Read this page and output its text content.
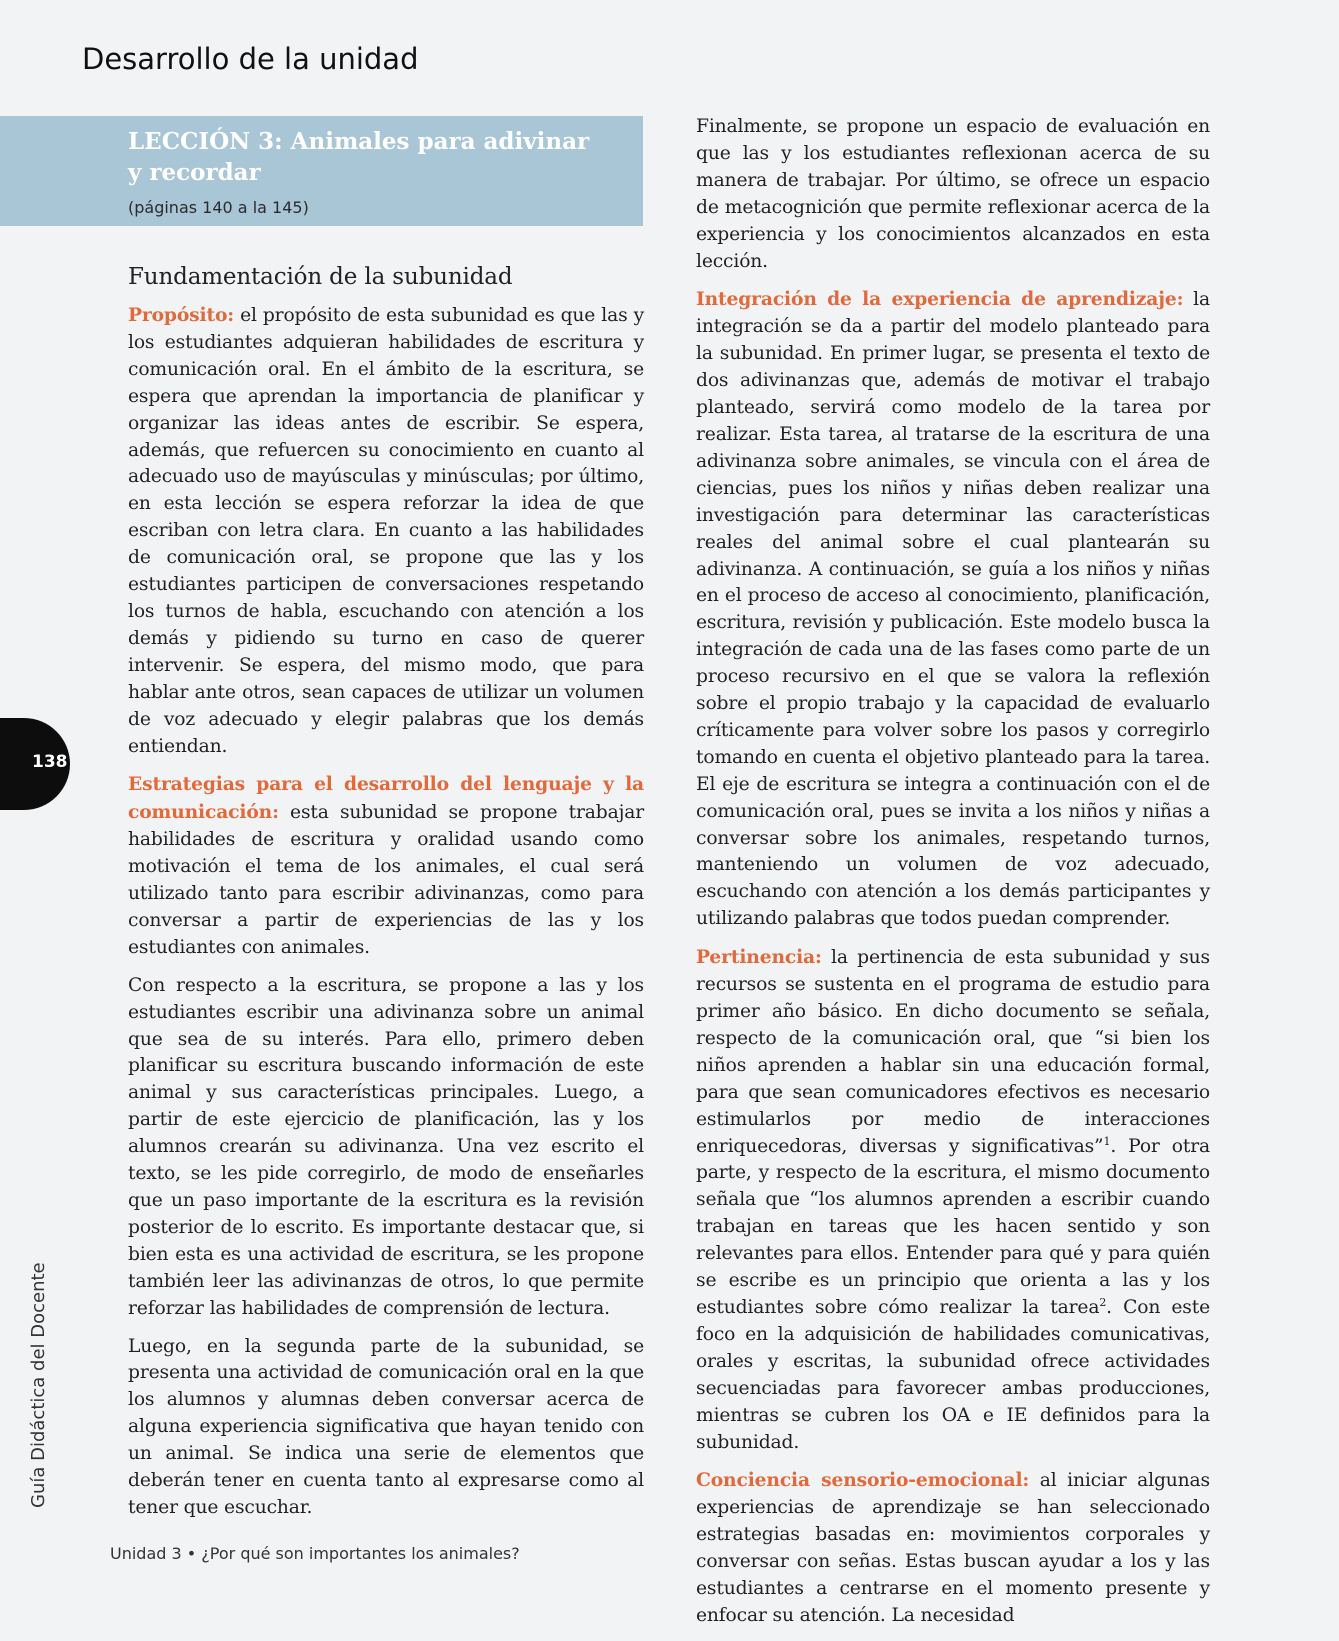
Desarrollo de la unidad
LECCIÓN 3: Animales para adivinar y recordar
(páginas 140 a la 145)
Fundamentación de la subunidad

Propósito: el propósito de esta subunidad es que las y los estudiantes adquieran habilidades de escritura y comunicación oral. En el ámbito de la escritura, se espera que aprendan la importancia de planificar y organizar las ideas antes de escribir. Se espera, además, que refuercen su conocimiento en cuanto al adecuado uso de mayúsculas y minúsculas; por último, en esta lección se espera reforzar la idea de que escriban con letra clara. En cuanto a las habilidades de comunicación oral, se propone que las y los estudiantes participen de conversaciones respetando los turnos de habla, escuchando con atención a los demás y pidiendo su turno en caso de querer intervenir. Se espera, del mismo modo, que para hablar ante otros, sean capaces de utilizar un volumen de voz adecuado y elegir palabras que los demás entiendan.

Estrategias para el desarrollo del lenguaje y la comunicación: esta subunidad se propone trabajar habilidades de escritura y oralidad usando como motivación el tema de los animales, el cual será utilizado tanto para escribir adivinanzas, como para conversar a partir de experiencias de las y los estudiantes con animales.

Con respecto a la escritura, se propone a las y los estudiantes escribir una adivinanza sobre un animal que sea de su interés. Para ello, primero deben planificar su escritura buscando información de este animal y sus características principales. Luego, a partir de este ejercicio de planificación, las y los alumnos crearán su adivinanza. Una vez escrito el texto, se les pide corregirlo, de modo de enseñarles que un paso importante de la escritura es la revisión posterior de lo escrito. Es importante destacar que, si bien esta es una actividad de escritura, se les propone también leer las adivinanzas de otros, lo que permite reforzar las habilidades de comprensión de lectura.

Luego, en la segunda parte de la subunidad, se presenta una actividad de comunicación oral en la que los alumnos y alumnas deben conversar acerca de alguna experiencia significativa que hayan tenido con un animal. Se indica una serie de elementos que deberán tener en cuenta tanto al expresarse como al tener que escuchar.

Finalmente, se propone un espacio de evaluación en que las y los estudiantes reflexionan acerca de su manera de trabajar. Por último, se ofrece un espacio de metacognición que permite reflexionar acerca de la experiencia y los conocimientos alcanzados en esta lección.

Integración de la experiencia de aprendizaje: la integración se da a partir del modelo planteado para la subunidad. En primer lugar, se presenta el texto de dos adivinanzas que, además de motivar el trabajo planteado, servirá como modelo de la tarea por realizar. Esta tarea, al tratarse de la escritura de una adivinanza sobre animales, se vincula con el área de ciencias, pues los niños y niñas deben realizar una investigación para determinar las características reales del animal sobre el cual plantearán su adivinanza. A continuación, se guía a los niños y niñas en el proceso de acceso al conocimiento, planificación, escritura, revisión y publicación. Este modelo busca la integración de cada una de las fases como parte de un proceso recursivo en el que se valora la reflexión sobre el propio trabajo y la capacidad de evaluarlo críticamente para volver sobre los pasos y corregirlo tomando en cuenta el objetivo planteado para la tarea. El eje de escritura se integra a continuación con el de comunicación oral, pues se invita a los niños y niñas a conversar sobre los animales, respetando turnos, manteniendo un volumen de voz adecuado, escuchando con atención a los demás participantes y utilizando palabras que todos puedan comprender.

Pertinencia: la pertinencia de esta subunidad y sus recursos se sustenta en el programa de estudio para primer año básico. En dicho documento se señala, respecto de la comunicación oral, que “si bien los niños aprenden a hablar sin una educación formal, para que sean comunicadores efectivos es necesario estimularlos por medio de interacciones enriquecedoras, diversas y significativas”$^1$. Por otra parte, y respecto de la escritura, el mismo documento señala que “los alumnos aprenden a escribir cuando trabajan en tareas que les hacen sentido y son relevantes para ellos. Entender para qué y para quién se escribe es un principio que orienta a las y los estudiantes sobre cómo realizar la tarea$^2$. Con este foco en la adquisición de habilidades comunicativas, orales y escritas, la subunidad ofrece actividades secuenciadas para favorecer ambas producciones, mientras se cubren los OA e IE definidos para la subunidad.

Conciencia sensorio-emocional: al iniciar algunas experiencias de aprendizaje se han seleccionado estrategias basadas en: movimientos corporales y conversar con señas. Estas buscan ayudar a los y las estudiantes a centrarse en el momento presente y enfocar su atención. La necesidad

138
Guía Didáctica del Docente
Unidad 3 • ¿Por qué son importantes los animales?
